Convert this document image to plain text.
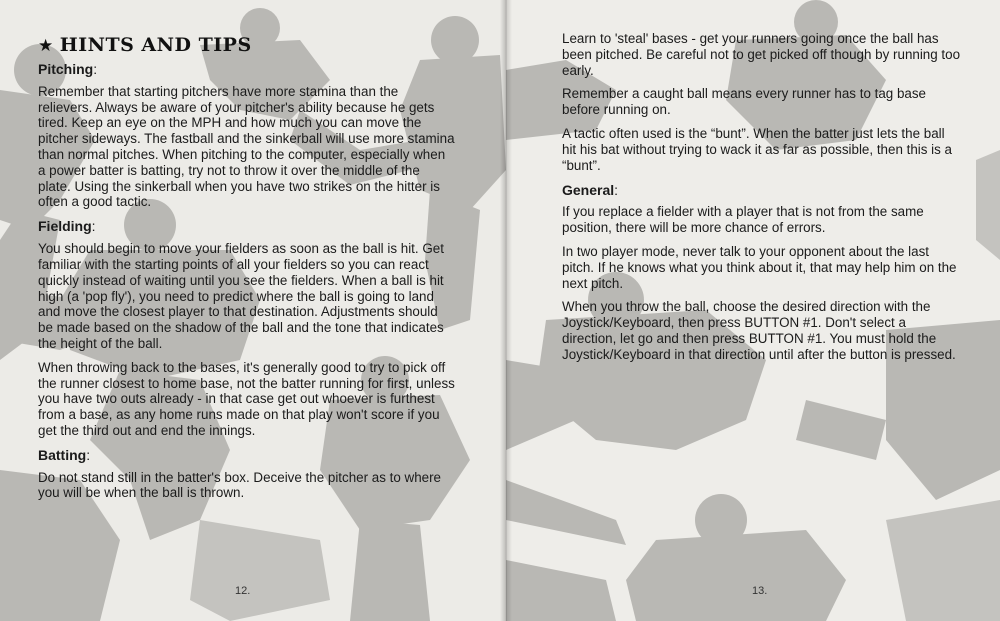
★ HINTS AND TIPS
Pitching:

Remember that starting pitchers have more stamina than the relievers. Always be aware of your pitcher's ability because he gets tired. Keep an eye on the MPH and how much you can move the pitcher sideways. The fastball and the sinkerball will use more stamina than normal pitches. When pitching to the computer, especially when a power batter is batting, try not to throw it over the middle of the plate. Using the sinkerball when you have two strikes on the hitter is often a good tactic.

Fielding:

You should begin to move your fielders as soon as the ball is hit. Get familiar with the starting points of all your fielders so you can react quickly instead of waiting until you see the fielders. When a ball is hit high (a 'pop fly'), you need to predict where the ball is going to land and move the closest player to that destination. Adjustments should be made based on the shadow of the ball and the tone that indicates the height of the ball.

When throwing back to the bases, it's generally good to try to pick off the runner closest to home base, not the batter running for first, unless you have two outs already - in that case get out whoever is furthest from a base, as any home runs made on that play won't score if you get the third out and end the innings.

Batting:

Do not stand still in the batter's box. Deceive the pitcher as to where you will be when the ball is thrown.

12.

Learn to 'steal' bases - get your runners going once the ball has been pitched. Be careful not to get picked off though by running too early.

Remember a caught ball means every runner has to tag base before running on.

A tactic often used is the “bunt”. When the batter just lets the ball hit his bat without trying to wack it as far as possible, then this is a “bunt”.

General:

If you replace a fielder with a player that is not from the same position, there will be more chance of errors.

In two player mode, never talk to your opponent about the last pitch. If he knows what you think about it, that may help him on the next pitch.

When you throw the ball, choose the desired direction with the Joystick/Keyboard, then press BUTTON #1. Don't select a direction, let go and then press BUTTON #1. You must hold the Joystick/Keyboard in that direction until after the button is pressed.

13.
